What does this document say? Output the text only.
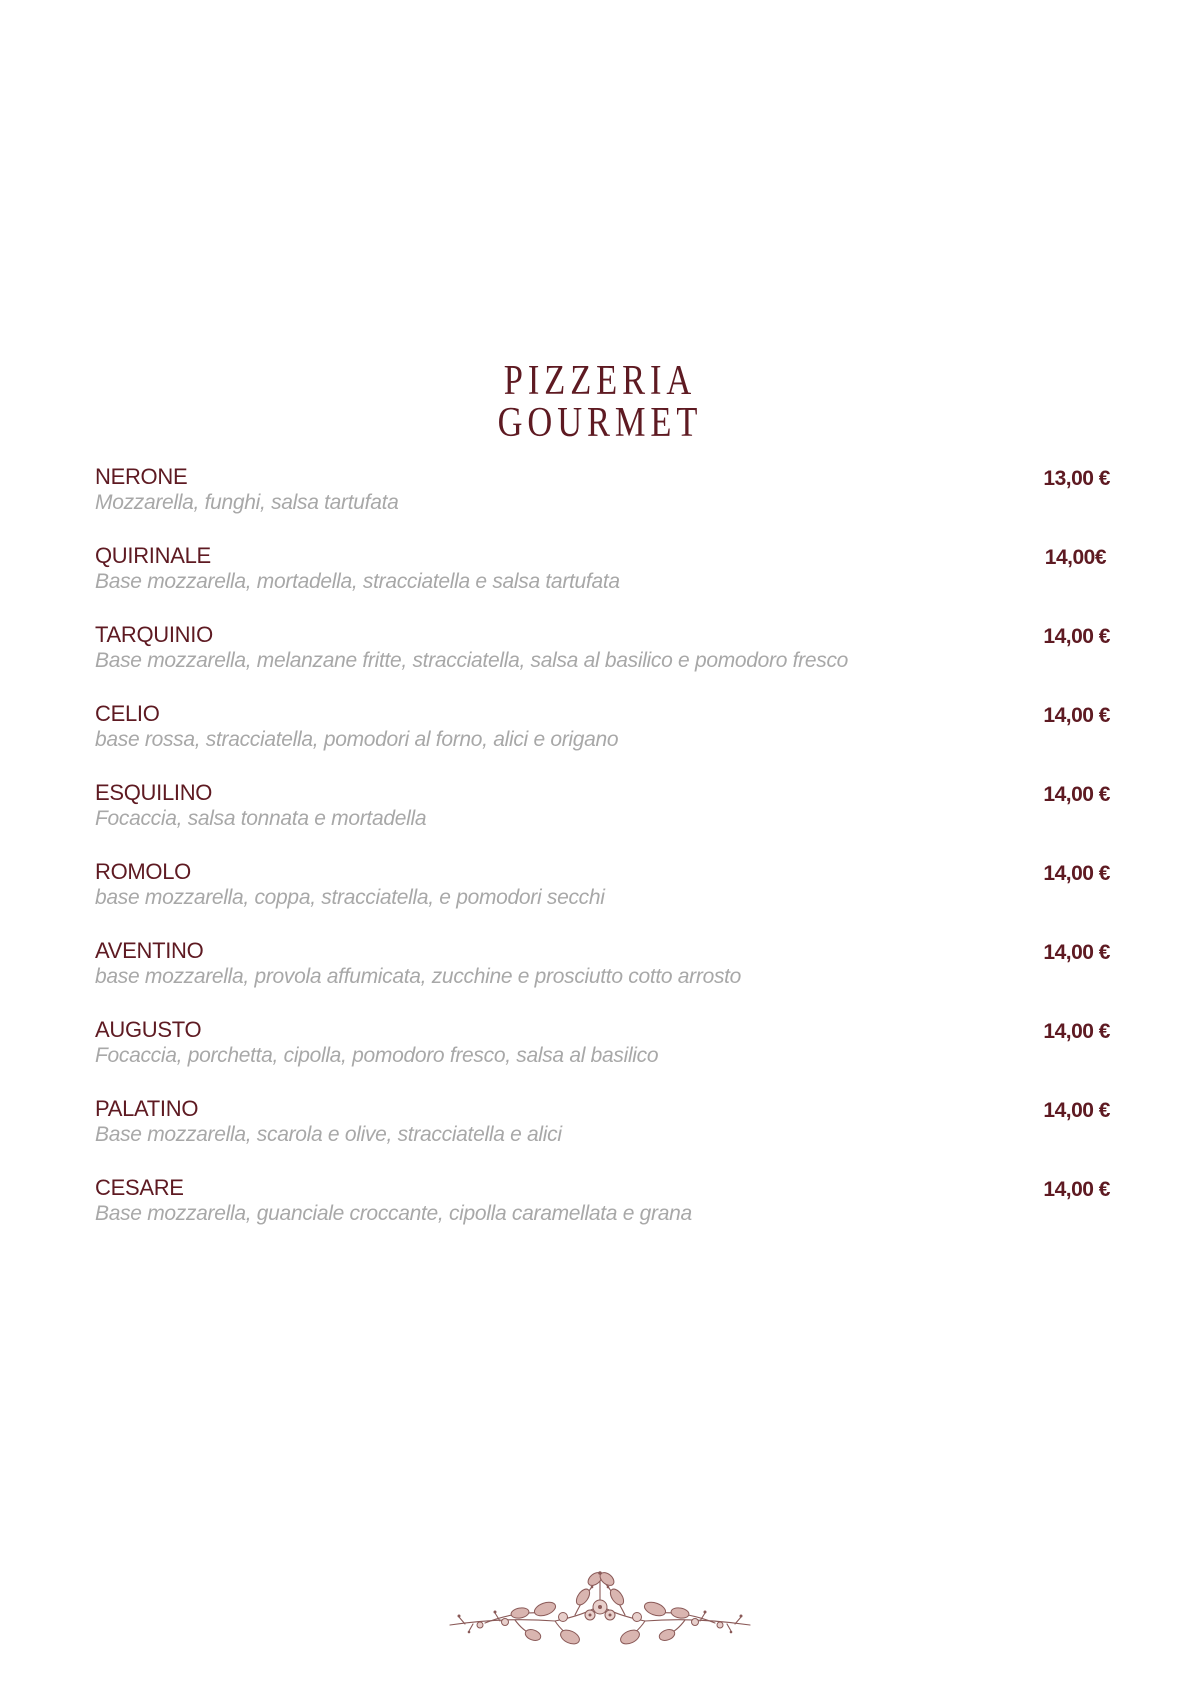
PIZZERIA
GOURMET
NERONE
Mozzarella, funghi, salsa tartufata
13,00 €
QUIRINALE
Base mozzarella, mortadella, stracciatella e salsa tartufata
14,00€
TARQUINIO
Base mozzarella, melanzane fritte, stracciatella, salsa al basilico e pomodoro fresco
14,00 €
CELIO
base rossa, stracciatella, pomodori al forno, alici e origano
14,00 €
ESQUILINO
Focaccia, salsa tonnata e mortadella
14,00 €
ROMOLO
base mozzarella, coppa, stracciatella, e pomodori secchi
14,00 €
AVENTINO
base mozzarella, provola affumicata, zucchine e prosciutto cotto arrosto
14,00 €
AUGUSTO
Focaccia, porchetta, cipolla, pomodoro fresco, salsa al basilico
14,00 €
PALATINO
Base mozzarella, scarola e olive, stracciatella e alici
14,00 €
CESARE
Base mozzarella, guanciale croccante, cipolla caramellata e grana
14,00 €
